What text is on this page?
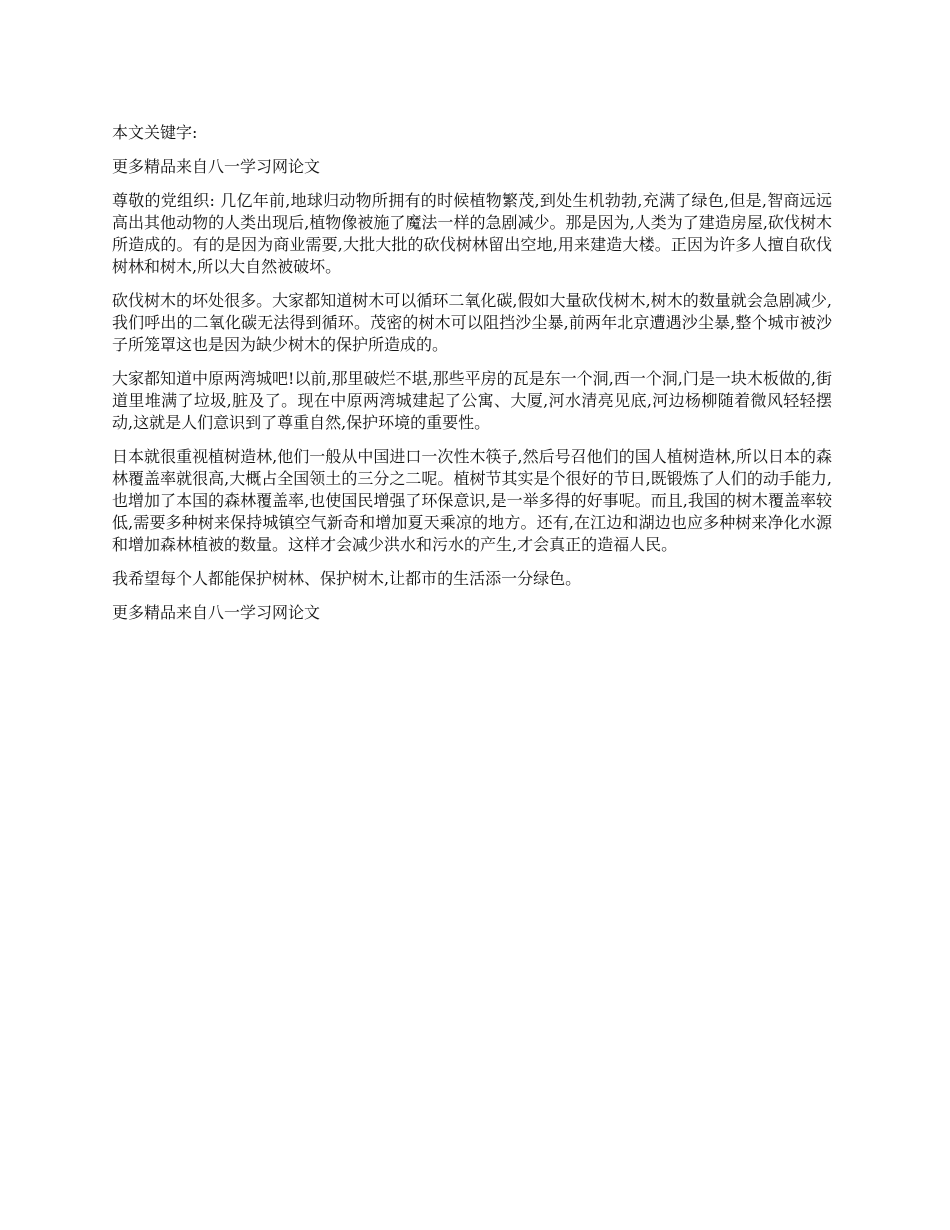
本文关键字:

更多精品来自八一学习网论文

尊敬的党组织: 几亿年前,地球归动物所拥有的时候植物繁茂,到处生机勃勃,充满了绿色,但是,智商远远高出其他动物的人类出现后,植物像被施了魔法一样的急剧减少。那是因为,人类为了建造房屋,砍伐树木所造成的。有的是因为商业需要,大批大批的砍伐树林留出空地,用来建造大楼。正因为许多人擅自砍伐树林和树木,所以大自然被破坏。

砍伐树木的坏处很多。大家都知道树木可以循环二氧化碳,假如大量砍伐树木,树木的数量就会急剧减少,我们呼出的二氧化碳无法得到循环。茂密的树木可以阻挡沙尘暴,前两年北京遭遇沙尘暴,整个城市被沙子所笼罩这也是因为缺少树木的保护所造成的。

大家都知道中原两湾城吧!以前,那里破烂不堪,那些平房的瓦是东一个洞,西一个洞,门是一块木板做的,街道里堆满了垃圾,脏及了。现在中原两湾城建起了公寓、大厦,河水清亮见底,河边杨柳随着微风轻轻摆动,这就是人们意识到了尊重自然,保护环境的重要性。

日本就很重视植树造林,他们一般从中国进口一次性木筷子,然后号召他们的国人植树造林,所以日本的森林覆盖率就很高,大概占全国领土的三分之二呢。植树节其实是个很好的节日,既锻炼了人们的动手能力,也增加了本国的森林覆盖率,也使国民增强了环保意识,是一举多得的好事呢。而且,我国的树木覆盖率较低,需要多种树来保持城镇空气新奇和增加夏天乘凉的地方。还有,在江边和湖边也应多种树来净化水源和增加森林植被的数量。这样才会减少洪水和污水的产生,才会真正的造福人民。

我希望每个人都能保护树林、保护树木,让都市的生活添一分绿色。

更多精品来自八一学习网论文
